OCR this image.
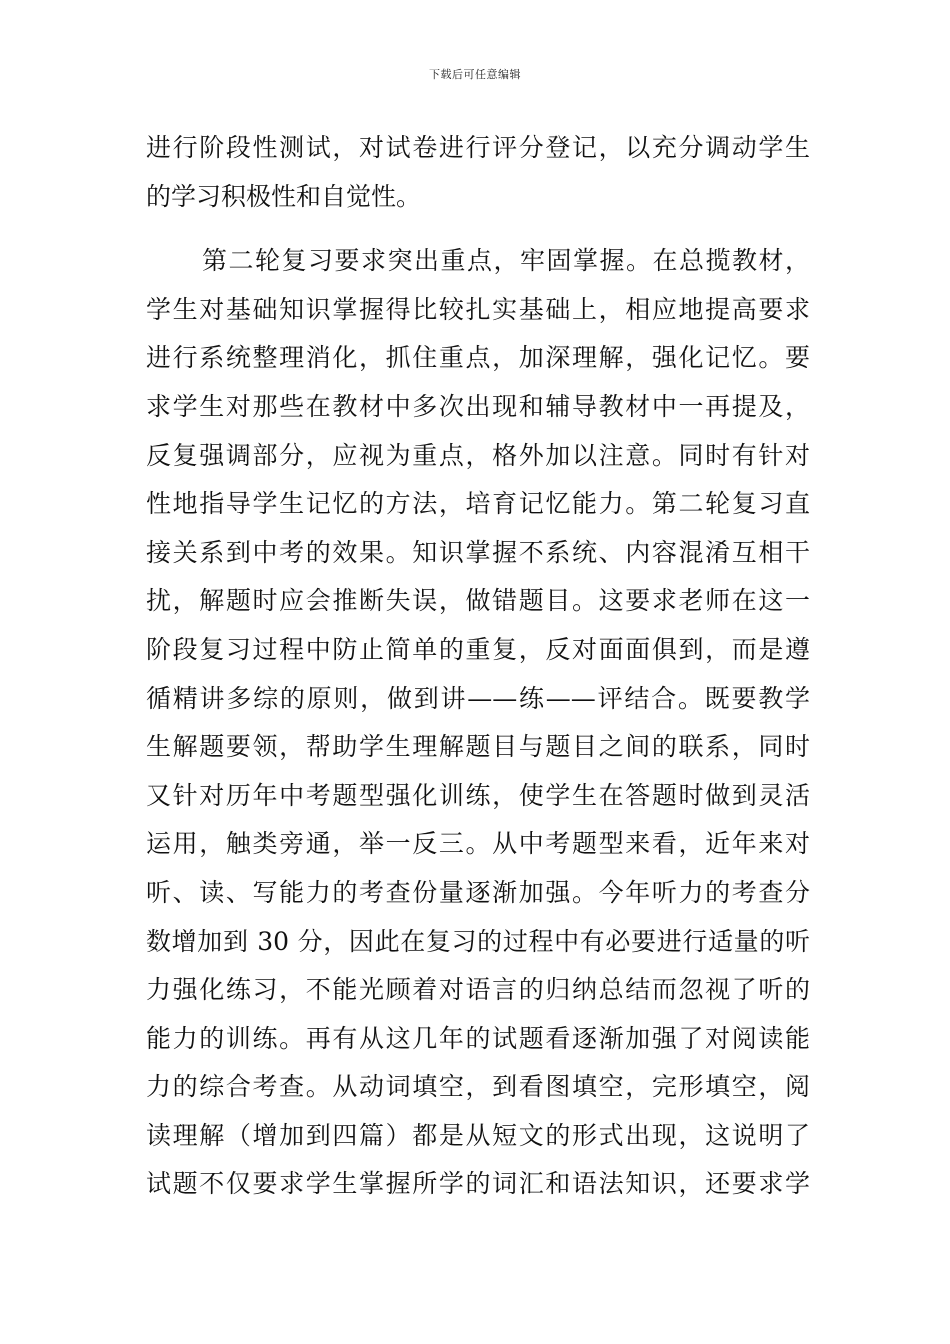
下载后可任意编辑
进行阶段性测试，对试卷进行评分登记，以充分调动学生
的学习积极性和自觉性。
第二轮复习要求突出重点，牢固掌握。在总揽教材，
学生对基础知识掌握得比较扎实基础上，相应地提高要求
进行系统整理消化，抓住重点，加深理解，强化记忆。要
求学生对那些在教材中多次出现和辅导教材中一再提及，
反复强调部分，应视为重点，格外加以注意。同时有针对
性地指导学生记忆的方法，培育记忆能力。第二轮复习直
接关系到中考的效果。知识掌握不系统、内容混淆互相干
扰，解题时应会推断失误，做错题目。这要求老师在这一
阶段复习过程中防止简单的重复，反对面面俱到，而是遵
循精讲多综的原则，做到讲——练——评结合。既要教学
生解题要领，帮助学生理解题目与题目之间的联系，同时
又针对历年中考题型强化训练，使学生在答题时做到灵活
运用，触类旁通，举一反三。从中考题型来看，近年来对
听、读、写能力的考查份量逐渐加强。今年听力的考查分
数增加到 30 分，因此在复习的过程中有必要进行适量的听
力强化练习，不能光顾着对语言的归纳总结而忽视了听的
能力的训练。再有从这几年的试题看逐渐加强了对阅读能
力的综合考查。从动词填空，到看图填空，完形填空，阅
读理解（增加到四篇）都是从短文的形式出现，这说明了
试题不仅要求学生掌握所学的词汇和语法知识，还要求学
